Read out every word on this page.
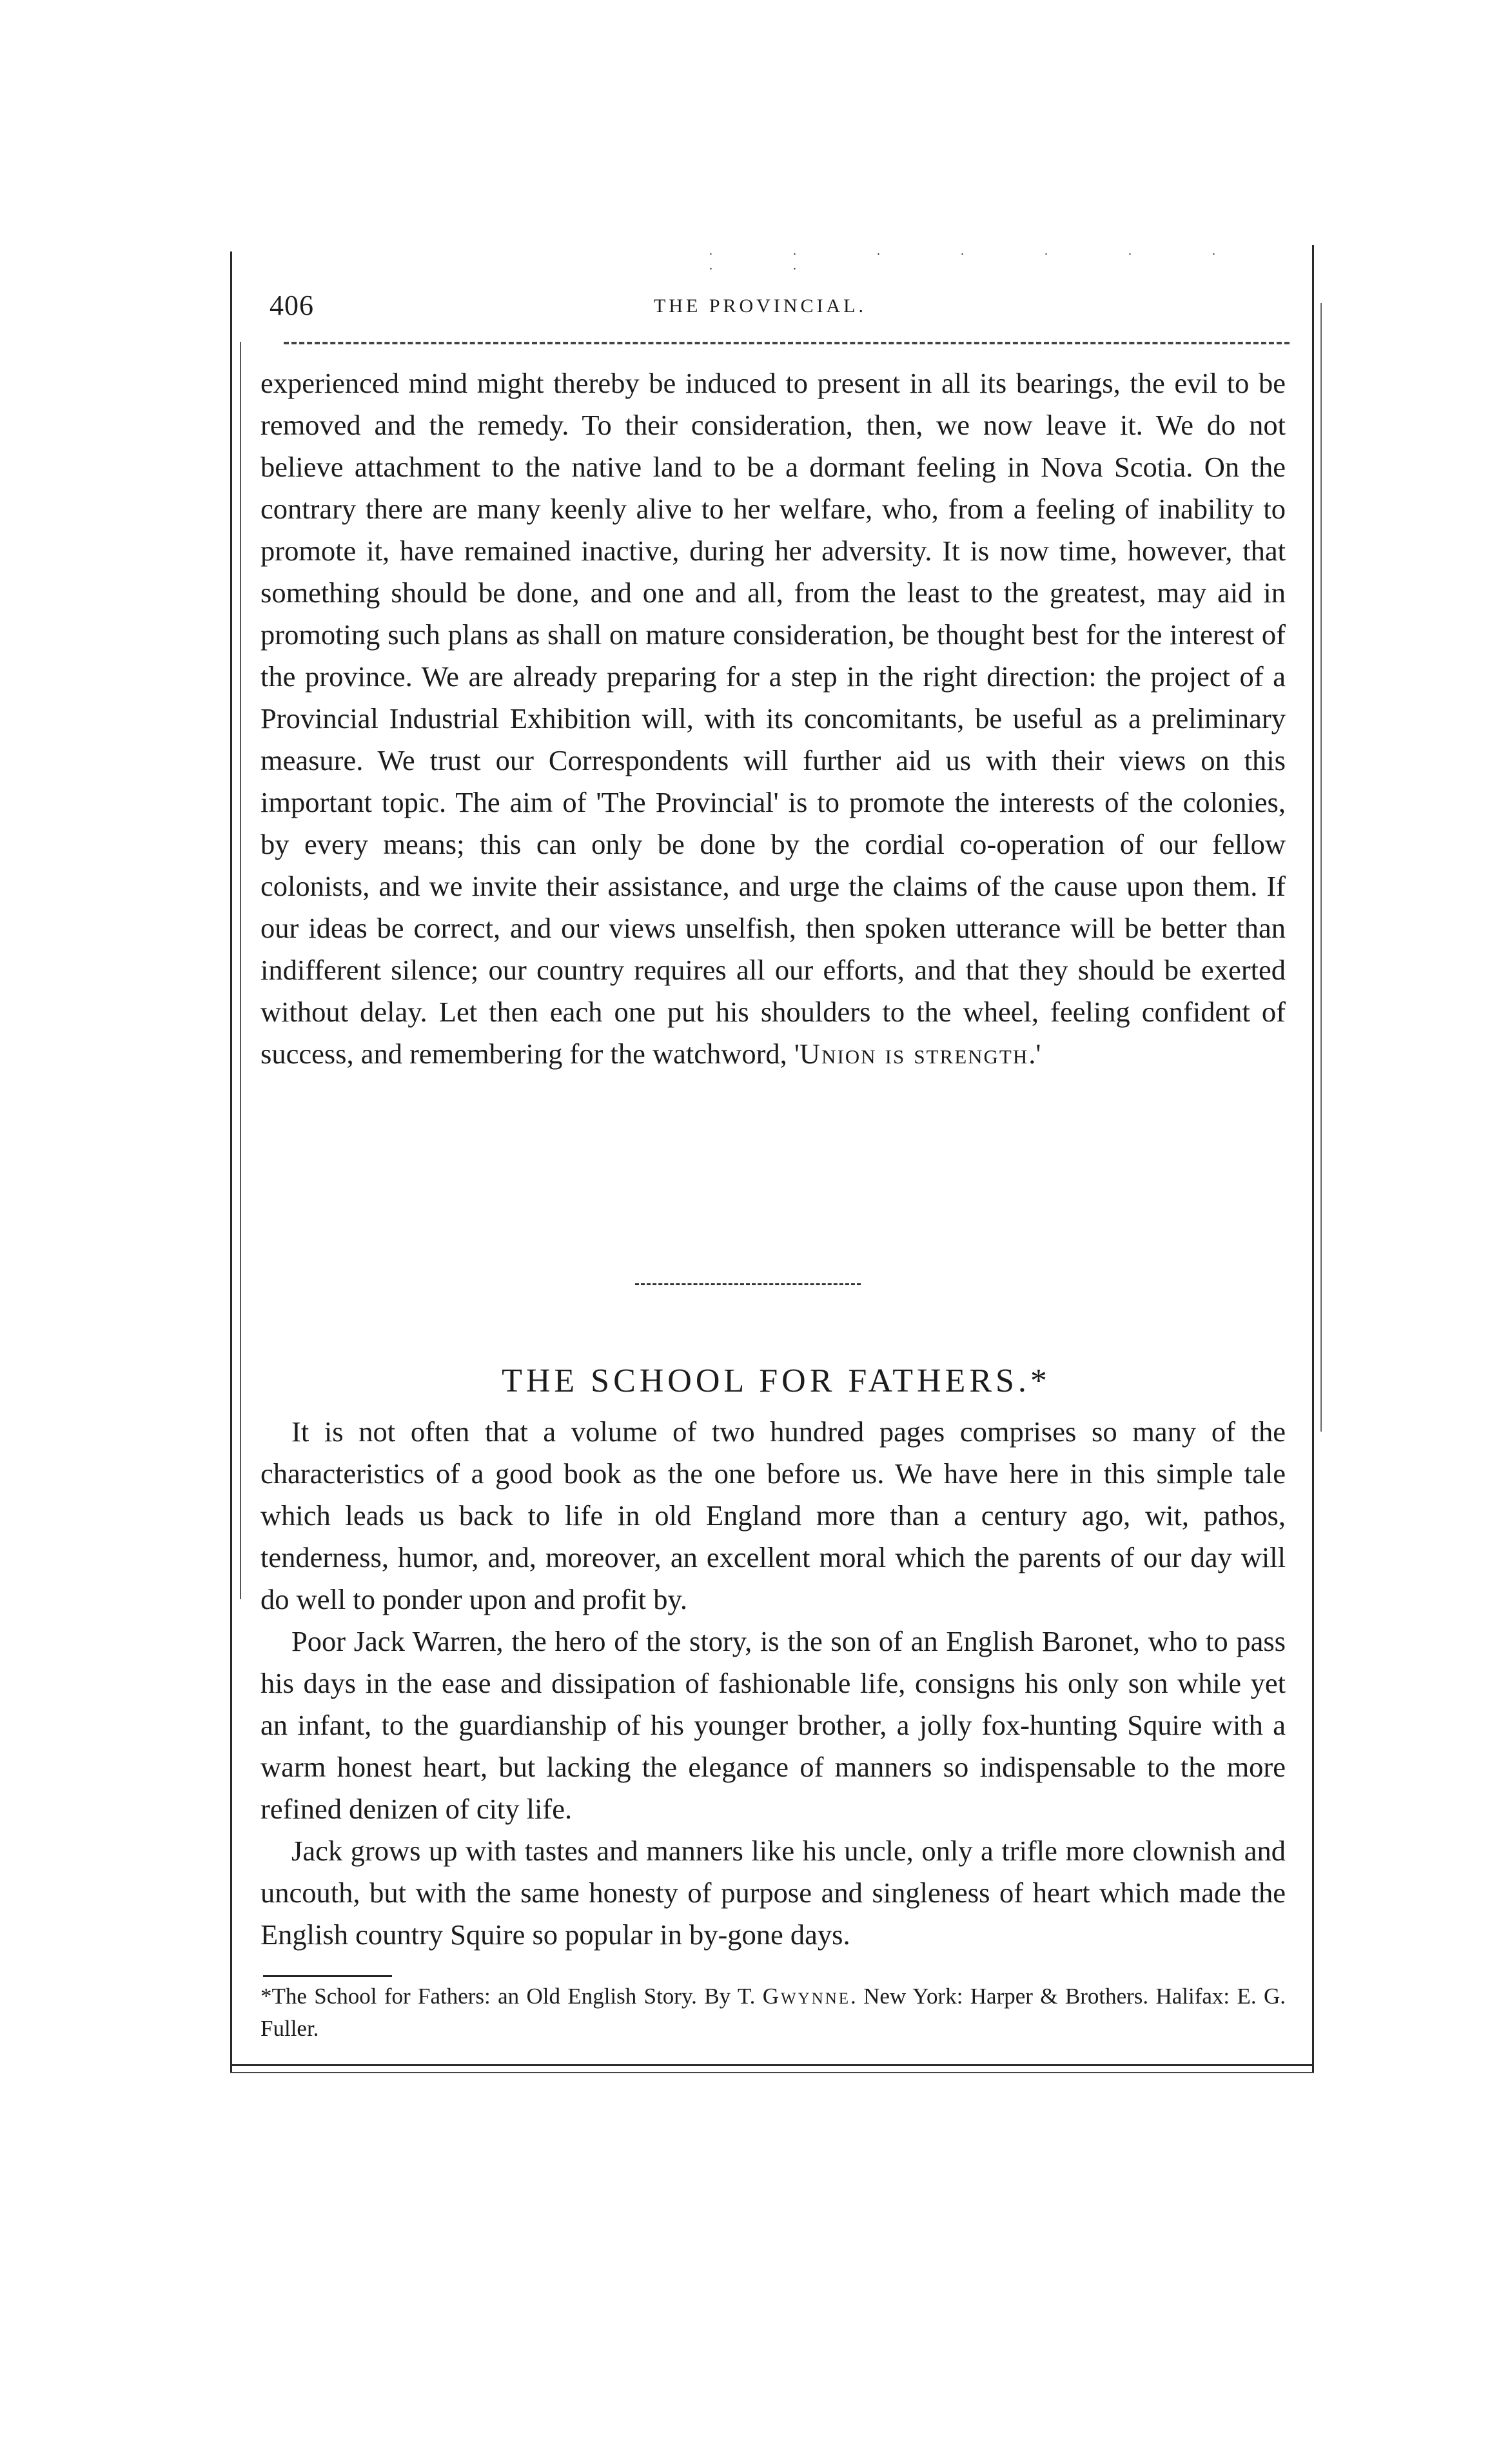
. . . . . . . . .
406	THE PROVINCIAL.

experienced mind might thereby be induced to present in all its bearings, the evil to be removed and the remedy. To their consideration, then, we now leave it. We do not believe attachment to the native land to be a dormant feeling in Nova Scotia. On the contrary there are many keenly alive to her welfare, who, from a feeling of inability to promote it, have remained inactive, during her adversity. It is now time, however, that something should be done, and one and all, from the least to the greatest, may aid in promoting such plans as shall on mature consideration, be thought best for the interest of the province. We are already preparing for a step in the right direction: the project of a Provincial Industrial Exhibition will, with its concomitants, be useful as a preliminary measure. We trust our Correspondents will further aid us with their views on this important topic. The aim of 'The Provincial' is to promote the interests of the colonies, by every means; this can only be done by the cordial co-operation of our fellow colonists, and we invite their assistance, and urge the claims of the cause upon them. If our ideas be correct, and our views unselfish, then spoken utterance will be better than indifferent silence; our country requires all our efforts, and that they should be exerted without delay. Let then each one put his shoulders to the wheel, feeling confident of success, and remembering for the watchword, 'Union is strength.'

THE SCHOOL FOR FATHERS.*

It is not often that a volume of two hundred pages comprises so many of the characteristics of a good book as the one before us. We have here in this simple tale which leads us back to life in old England more than a century ago, wit, pathos, tenderness, humor, and, moreover, an excellent moral which the parents of our day will do well to ponder upon and profit by.

Poor Jack Warren, the hero of the story, is the son of an English Baronet, who to pass his days in the ease and dissipation of fashionable life, consigns his only son while yet an infant, to the guardianship of his younger brother, a jolly fox-hunting Squire with a warm honest heart, but lacking the elegance of manners so indispensable to the more refined denizen of city life.

Jack grows up with tastes and manners like his uncle, only a trifle more clownish and uncouth, but with the same honesty of purpose and singleness of heart which made the English country Squire so popular in by-gone days.

*The School for Fathers: an Old English Story. By T. Gwynne. New York: Harper & Brothers. Halifax: E. G. Fuller.
